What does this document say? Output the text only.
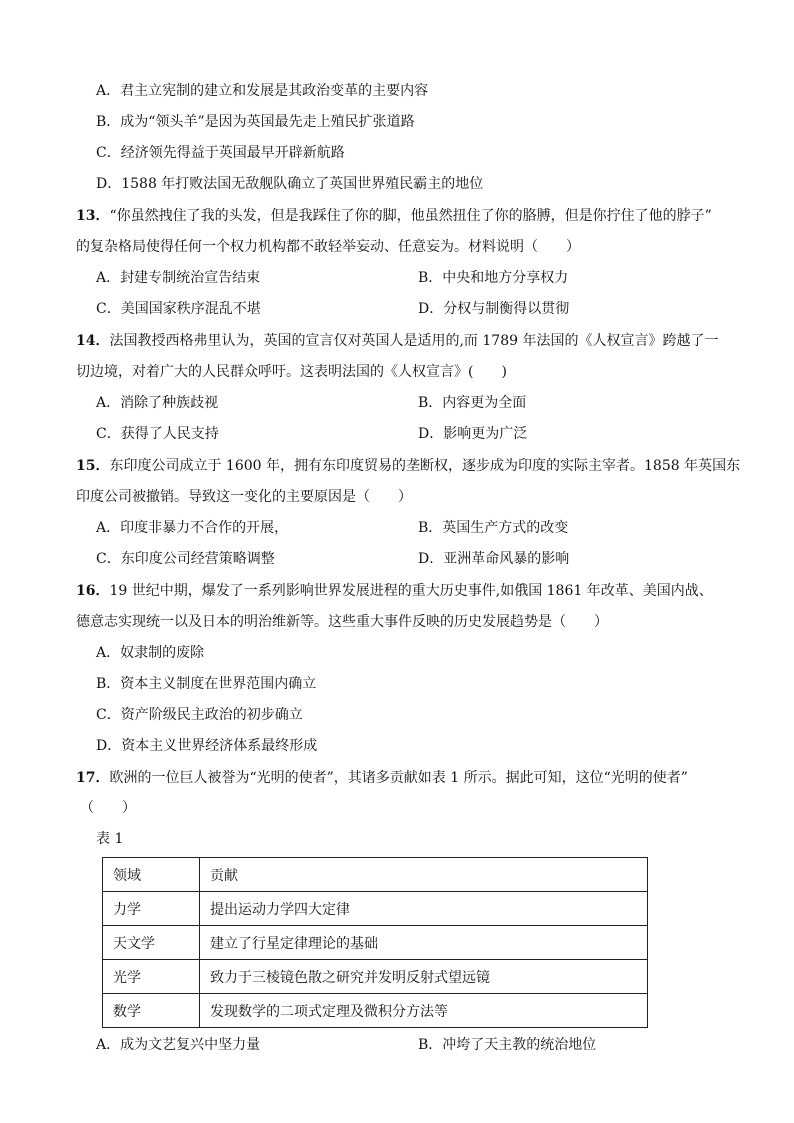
A．君主立宪制的建立和发展是其政治变革的主要内容
B．成为“领头羊”是因为英国最先走上殖民扩张道路
C．经济领先得益于英国最早开辟新航路
D．1588 年打败法国无敌舰队确立了英国世界殖民霸主的地位
13．“你虽然拽住了我的头发，但是我踩住了你的脚，他虽然扭住了你的胳膊，但是你拧住了他的脖子”
的复杂格局使得任何一个权力机构都不敢轻举妄动、任意妄为。材料说明（　　）
A．封建专制统治宣告结束	B．中央和地方分享权力
C．美国国家秩序混乱不堪	D．分权与制衡得以贯彻
14．法国教授西格弗里认为，英国的宣言仅对英国人是适用的,而 1789 年法国的《人权宣言》跨越了一
切边境，对着广大的人民群众呼吁。这表明法国的《人权宣言》(　　)
A．消除了种族歧视	B．内容更为全面
C．获得了人民支持	D．影响更为广泛
15．东印度公司成立于 1600 年，拥有东印度贸易的垄断权，逐步成为印度的实际主宰者。1858 年英国东
印度公司被撤销。导致这一变化的主要原因是（　　）
A．印度非暴力不合作的开展，	B．英国生产方式的改变
C．东印度公司经营策略调整	D．亚洲革命风暴的影响
16．19 世纪中期，爆发了一系列影响世界发展进程的重大历史事件,如俄国 1861 年改革、美国内战、
德意志实现统一以及日本的明治维新等。这些重大事件反映的历史发展趋势是（　　）
A．奴隶制的废除
B．资本主义制度在世界范围内确立
C．资产阶级民主政治的初步确立
D．资本主义世界经济体系最终形成
17．欧洲的一位巨人被誉为“光明的使者”，其诸多贡献如表 1 所示。据此可知，这位“光明的使者”
（　　）
表 1
领域	贡献
力学	提出运动力学四大定律
天文学	建立了行星定律理论的基础
光学	致力于三棱镜色散之研究并发明反射式望远镜
数学	发现数学的二项式定理及微积分方法等
A．成为文艺复兴中坚力量	B．冲垮了天主教的统治地位
